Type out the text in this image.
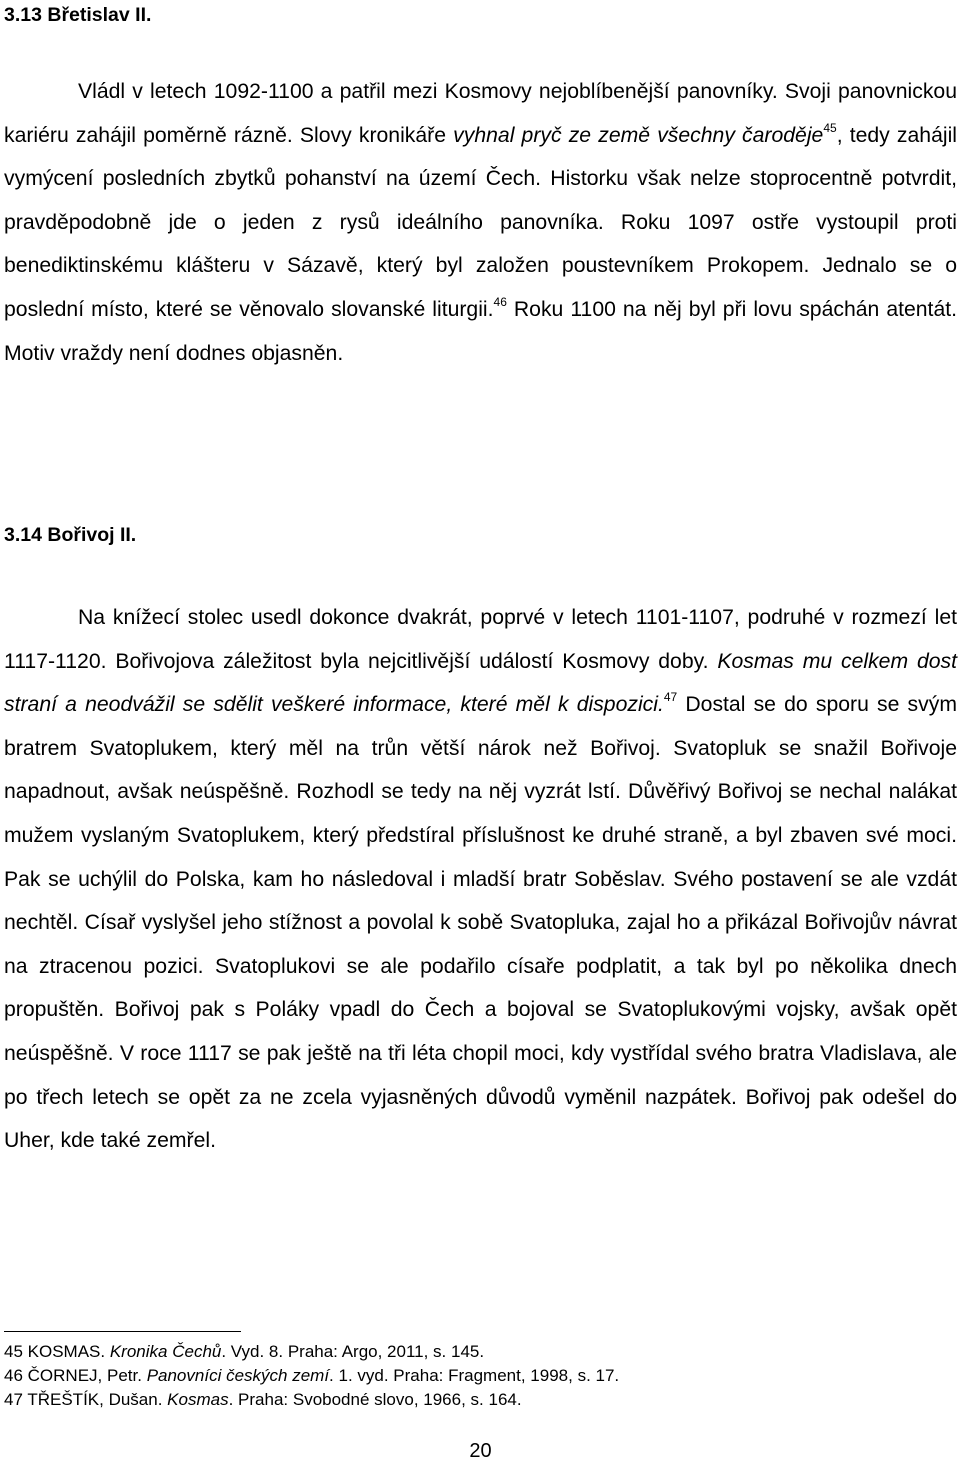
3.13 Břetislav II.

Vládl v letech 1092-1100 a patřil mezi Kosmovy nejoblíbenější panovníky. Svoji panovnickou kariéru zahájil poměrně rázně. Slovy kronikáře vyhnal pryč ze země všechny čaroděje$^{45}$, tedy zahájil vymýcení posledních zbytků pohanství na území Čech. Historku však nelze stoprocentně potvrdit, pravděpodobně jde o jeden z rysů ideálního panovníka. Roku 1097 ostře vystoupil proti benediktinskému klášteru v Sázavě, který byl založen poustevníkem Prokopem. Jednalo se o poslední místo, které se věnovalo slovanské liturgii.$^{46}$ Roku 1100 na něj byl při lovu spáchán atentát. Motiv vraždy není dodnes objasněn.

3.14 Bořivoj II.

Na knížecí stolec usedl dokonce dvakrát, poprvé v letech 1101-1107, podruhé v rozmezí let 1117-1120. Bořivojova záležitost byla nejcitlivější událostí Kosmovy doby. Kosmas mu celkem dost straní a neodvážil se sdělit veškeré informace, které měl k dispozici.$^{47}$ Dostal se do sporu se svým bratrem Svatoplukem, který měl na trůn větší nárok než Bořivoj. Svatopluk se snažil Bořivoje napadnout, avšak neúspěšně. Rozhodl se tedy na něj vyzrát lstí. Důvěřivý Bořivoj se nechal nalákat mužem vyslaným Svatoplukem, který předstíral příslušnost ke druhé straně, a byl zbaven své moci. Pak se uchýlil do Polska, kam ho následoval i mladší bratr Soběslav. Svého postavení se ale vzdát nechtěl. Císař vyslyšel jeho stížnost a povolal k sobě Svatopluka, zajal ho a přikázal Bořivojův návrat na ztracenou pozici. Svatoplukovi se ale podařilo císaře podplatit, a tak byl po několika dnech propuštěn. Bořivoj pak s Poláky vpadl do Čech a bojoval se Svatoplukovými vojsky, avšak opět neúspěšně. V roce 1117 se pak ještě na tři léta chopil moci, kdy vystřídal svého bratra Vladislava, ale po třech letech se opět za ne zcela vyjasněných důvodů vyměnil nazpátek. Bořivoj pak odešel do Uher, kde také zemřel.

45 KOSMAS. Kronika Čechů. Vyd. 8. Praha: Argo, 2011, s. 145.

46 ČORNEJ, Petr. Panovníci českých zemí. 1. vyd. Praha: Fragment, 1998, s. 17.

47 TŘEŠTÍK, Dušan. Kosmas. Praha: Svobodné slovo, 1966, s. 164.

20
